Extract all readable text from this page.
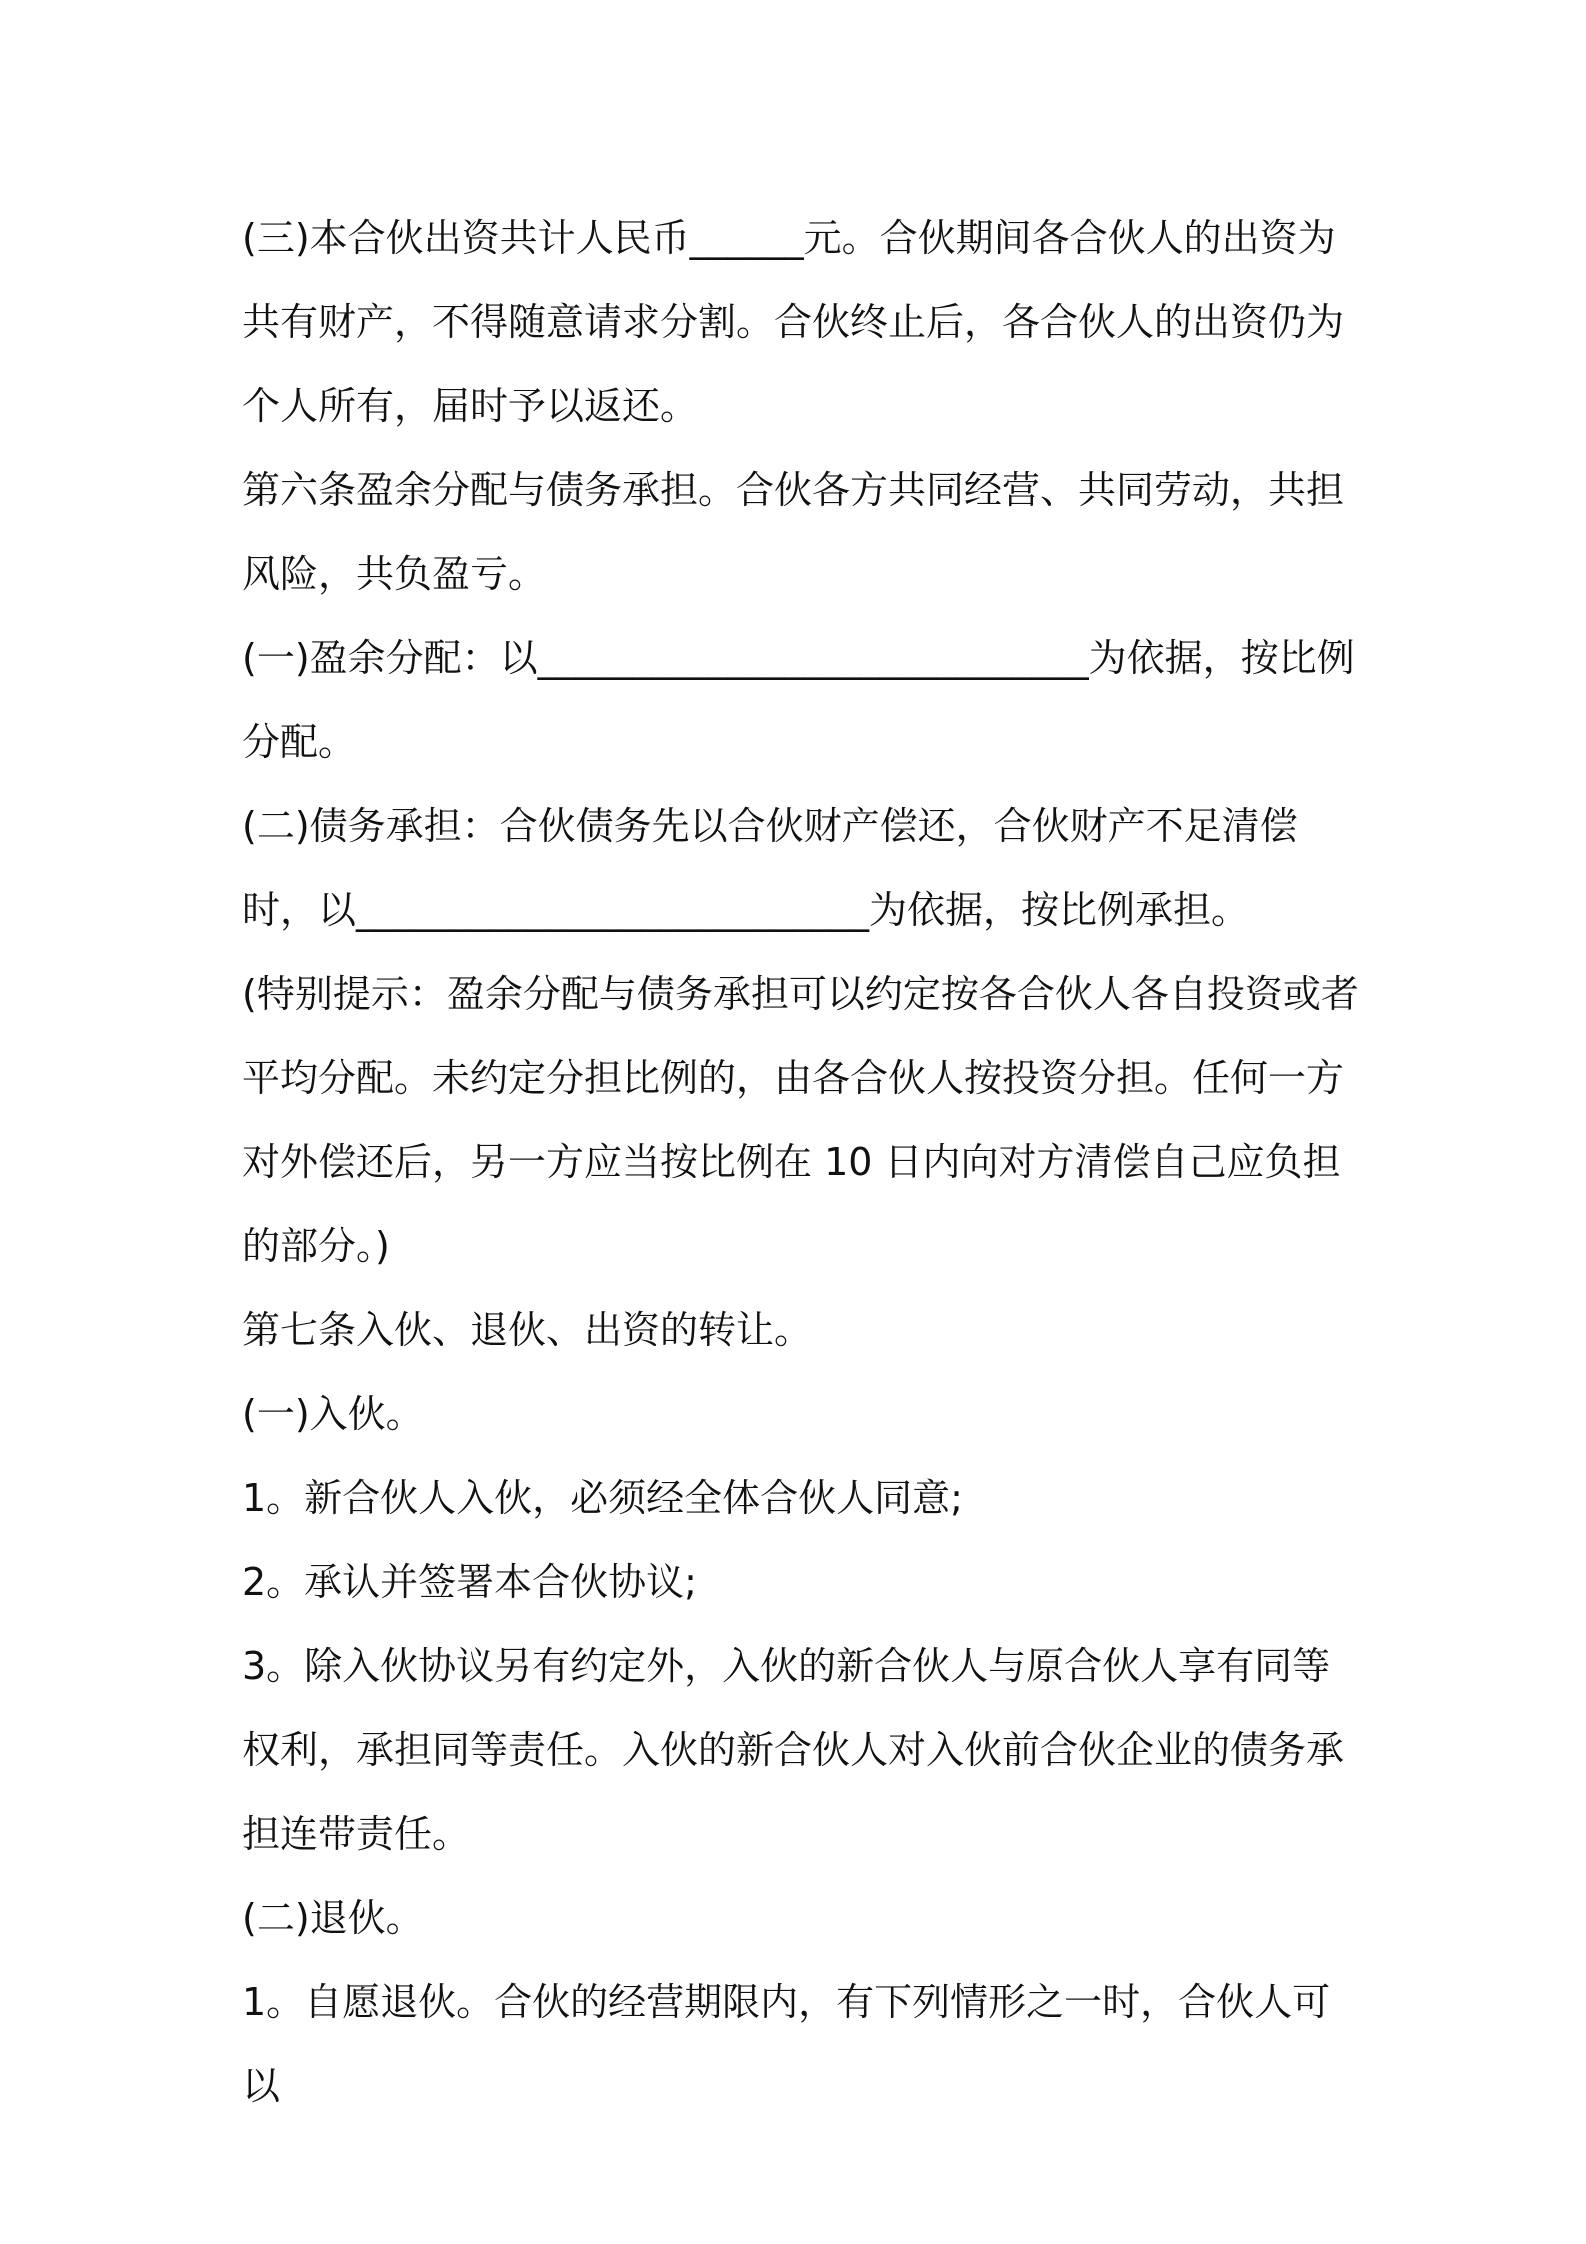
(三)本合伙出资共计人民币______元。合伙期间各合伙人的出资为共有财产，不得随意请求分割。合伙终止后，各合伙人的出资仍为个人所有，届时予以返还。

第六条盈余分配与债务承担。合伙各方共同经营、共同劳动，共担风险，共负盈亏。

(一)盈余分配：以_____________________________为依据，按比例分配。

(二)债务承担：合伙债务先以合伙财产偿还，合伙财产不足清偿时，以___________________________为依据，按比例承担。

(特别提示：盈余分配与债务承担可以约定按各合伙人各自投资或者平均分配。未约定分担比例的，由各合伙人按投资分担。任何一方对外偿还后，另一方应当按比例在 10 日内向对方清偿自己应负担的部分。)

第七条入伙、退伙、出资的转让。

(一)入伙。

1。新合伙人入伙，必须经全体合伙人同意;

2。承认并签署本合伙协议;

3。除入伙协议另有约定外，入伙的新合伙人与原合伙人享有同等权利，承担同等责任。入伙的新合伙人对入伙前合伙企业的债务承担连带责任。

(二)退伙。

1。自愿退伙。合伙的经营期限内，有下列情形之一时，合伙人可以
